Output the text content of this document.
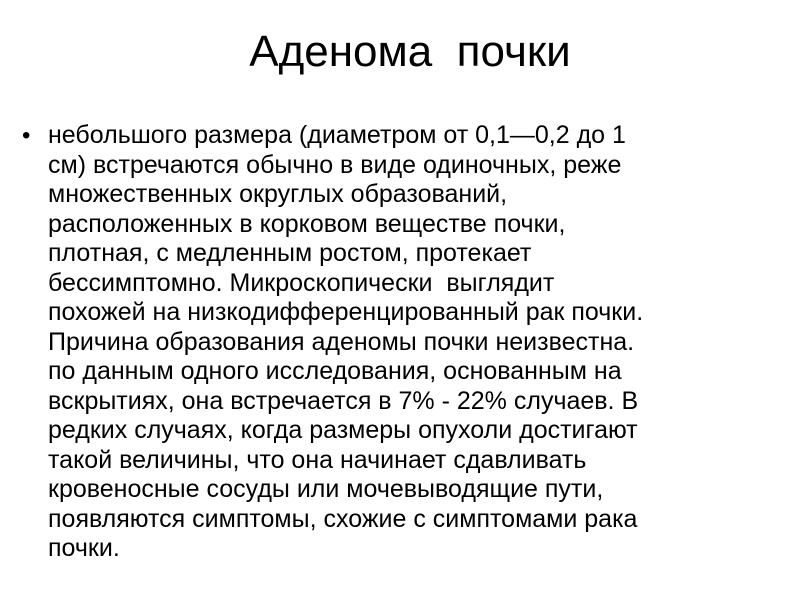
Аденома  почки
• небольшого размера (диаметром от 0,1—0,2 до 1
см) встречаются обычно в виде одиночных, реже
множественных округлых образований,
расположенных в корковом веществе почки,
плотная, с медленным ростом, протекает
бессимптомно. Микроскопически  выглядит
похожей на низкодифференцированный рак почки.
Причина образования аденомы почки неизвестна.
по данным одного исследования, основанным на
вскрытиях, она встречается в 7% - 22% случаев. В
редких случаях, когда размеры опухоли достигают
такой величины, что она начинает сдавливать
кровеносные сосуды или мочевыводящие пути,
появляются симптомы, схожие с симптомами рака
почки.
